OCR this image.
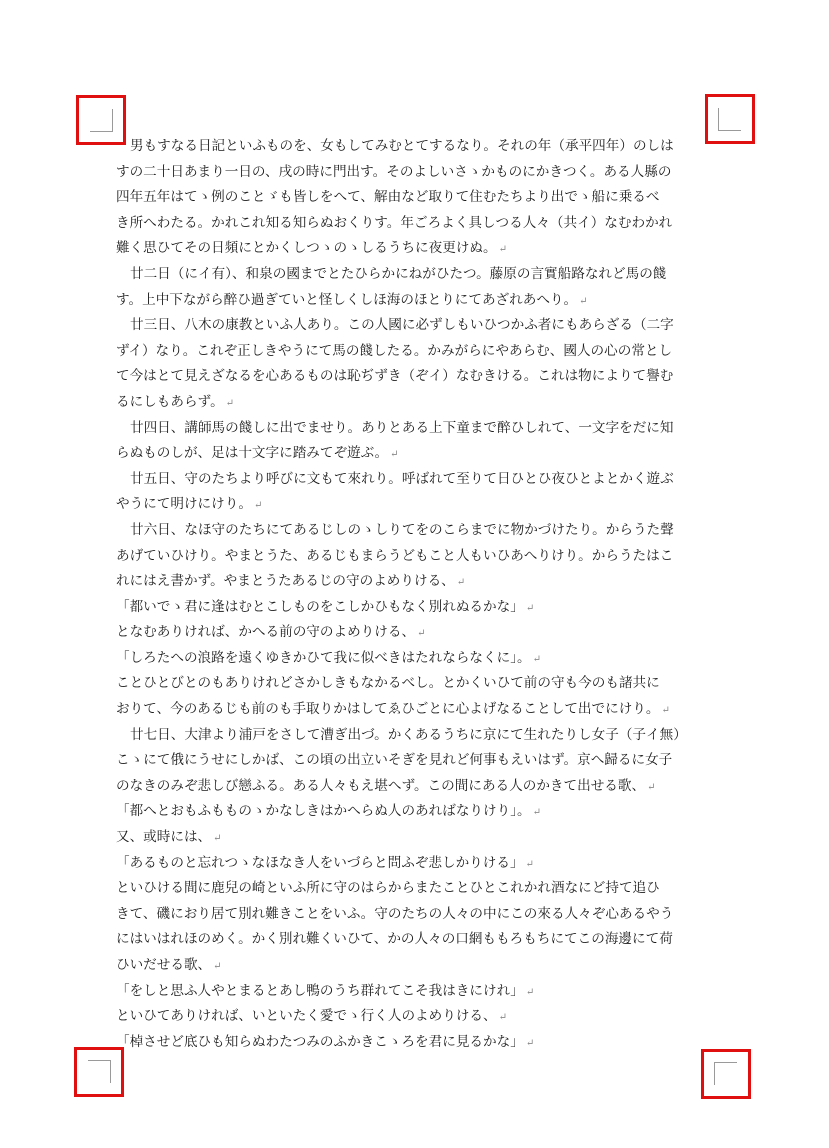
男もすなる日記といふものを、女もしてみむとてするなり。それの年（承平四年）のしは
すの二十日あまり一日の、戌の時に門出す。そのよしいさゝかものにかきつく。ある人縣の
四年五年はてゝ例のことゞも皆しをへて、解由など取りて住むたちより出でゝ船に乗るべ
き所へわたる。かれこれ知る知らぬおくりす。年ごろよく具しつる人々（共イ）なむわかれ
難く思ひてその日頻にとかくしつゝのゝしるうちに夜更けぬ。 ↵
廿二日（にイ有）、和泉の國までとたひらかにねがひたつ。藤原の言實船路なれど馬の餞
す。上中下ながら醉ひ過ぎていと怪しくしほ海のほとりにてあざれあへり。 ↵
廿三日、八木の康教といふ人あり。この人國に必ずしもいひつかふ者にもあらざる（二字
ずイ）なり。これぞ正しきやうにて馬の餞したる。かみがらにやあらむ、國人の心の常とし
て今はとて見えざなるを心あるものは恥ぢずき（ぞイ）なむきける。これは物によりて譽む
るにしもあらず。 ↵
廿四日、講師馬の餞しに出でませり。ありとある上下童まで醉ひしれて、一文字をだに知
らぬものしが、足は十文字に踏みてぞ遊ぶ。 ↵
廿五日、守のたちより呼びに文もて來れり。呼ばれて至りて日ひとひ夜ひとよとかく遊ぶ
やうにて明けにけり。 ↵
廿六日、なほ守のたちにてあるじしのゝしりてをのこらまでに物かづけたり。からうた聲
あげていひけり。やまとうた、あるじもまらうどもこと人もいひあへりけり。からうたはこ
れにはえ書かず。やまとうたあるじの守のよめりける、 ↵
「都いでゝ君に逢はむとこしものをこしかひもなく別れぬるかな」 ↵
となむありければ、かへる前の守のよめりける、 ↵
「しろたへの浪路を遠くゆきかひて我に似べきはたれならなくに」。 ↵
ことひとびとのもありけれどさかしきもなかるべし。とかくいひて前の守も今のも諸共に
おりて、今のあるじも前のも手取りかはしてゑひごとに心よげなることして出でにけり。 ↵
廿七日、大津より浦戸をさして漕ぎ出づ。かくあるうちに京にて生れたりし女子（子イ無）
こゝにて俄にうせにしかば、この頃の出立いそぎを見れど何事もえいはず。京へ歸るに女子
のなきのみぞ悲しび戀ふる。ある人々もえ堪へず。この間にある人のかきて出せる歌、 ↵
「都へとおもふもものゝかなしきはかへらぬ人のあればなりけり」。 ↵
又、或時には、 ↵
「あるものと忘れつゝなほなき人をいづらと問ふぞ悲しかりける」 ↵
といひける間に鹿兒の崎といふ所に守のはらからまたことひとこれかれ酒なにど持て追ひ
きて、磯におり居て別れ難きことをいふ。守のたちの人々の中にこの來る人々ぞ心あるやう
にはいはれほのめく。かく別れ難くいひて、かの人々の口網ももろもちにてこの海邊にて荷
ひいだせる歌、 ↵
「をしと思ふ人やとまるとあし鴨のうち群れてこそ我はきにけれ」 ↵
といひてありければ、いといたく愛でゝ行く人のよめりける、 ↵
「棹させど底ひも知らぬわたつみのふかきこゝろを君に見るかな」 ↵
